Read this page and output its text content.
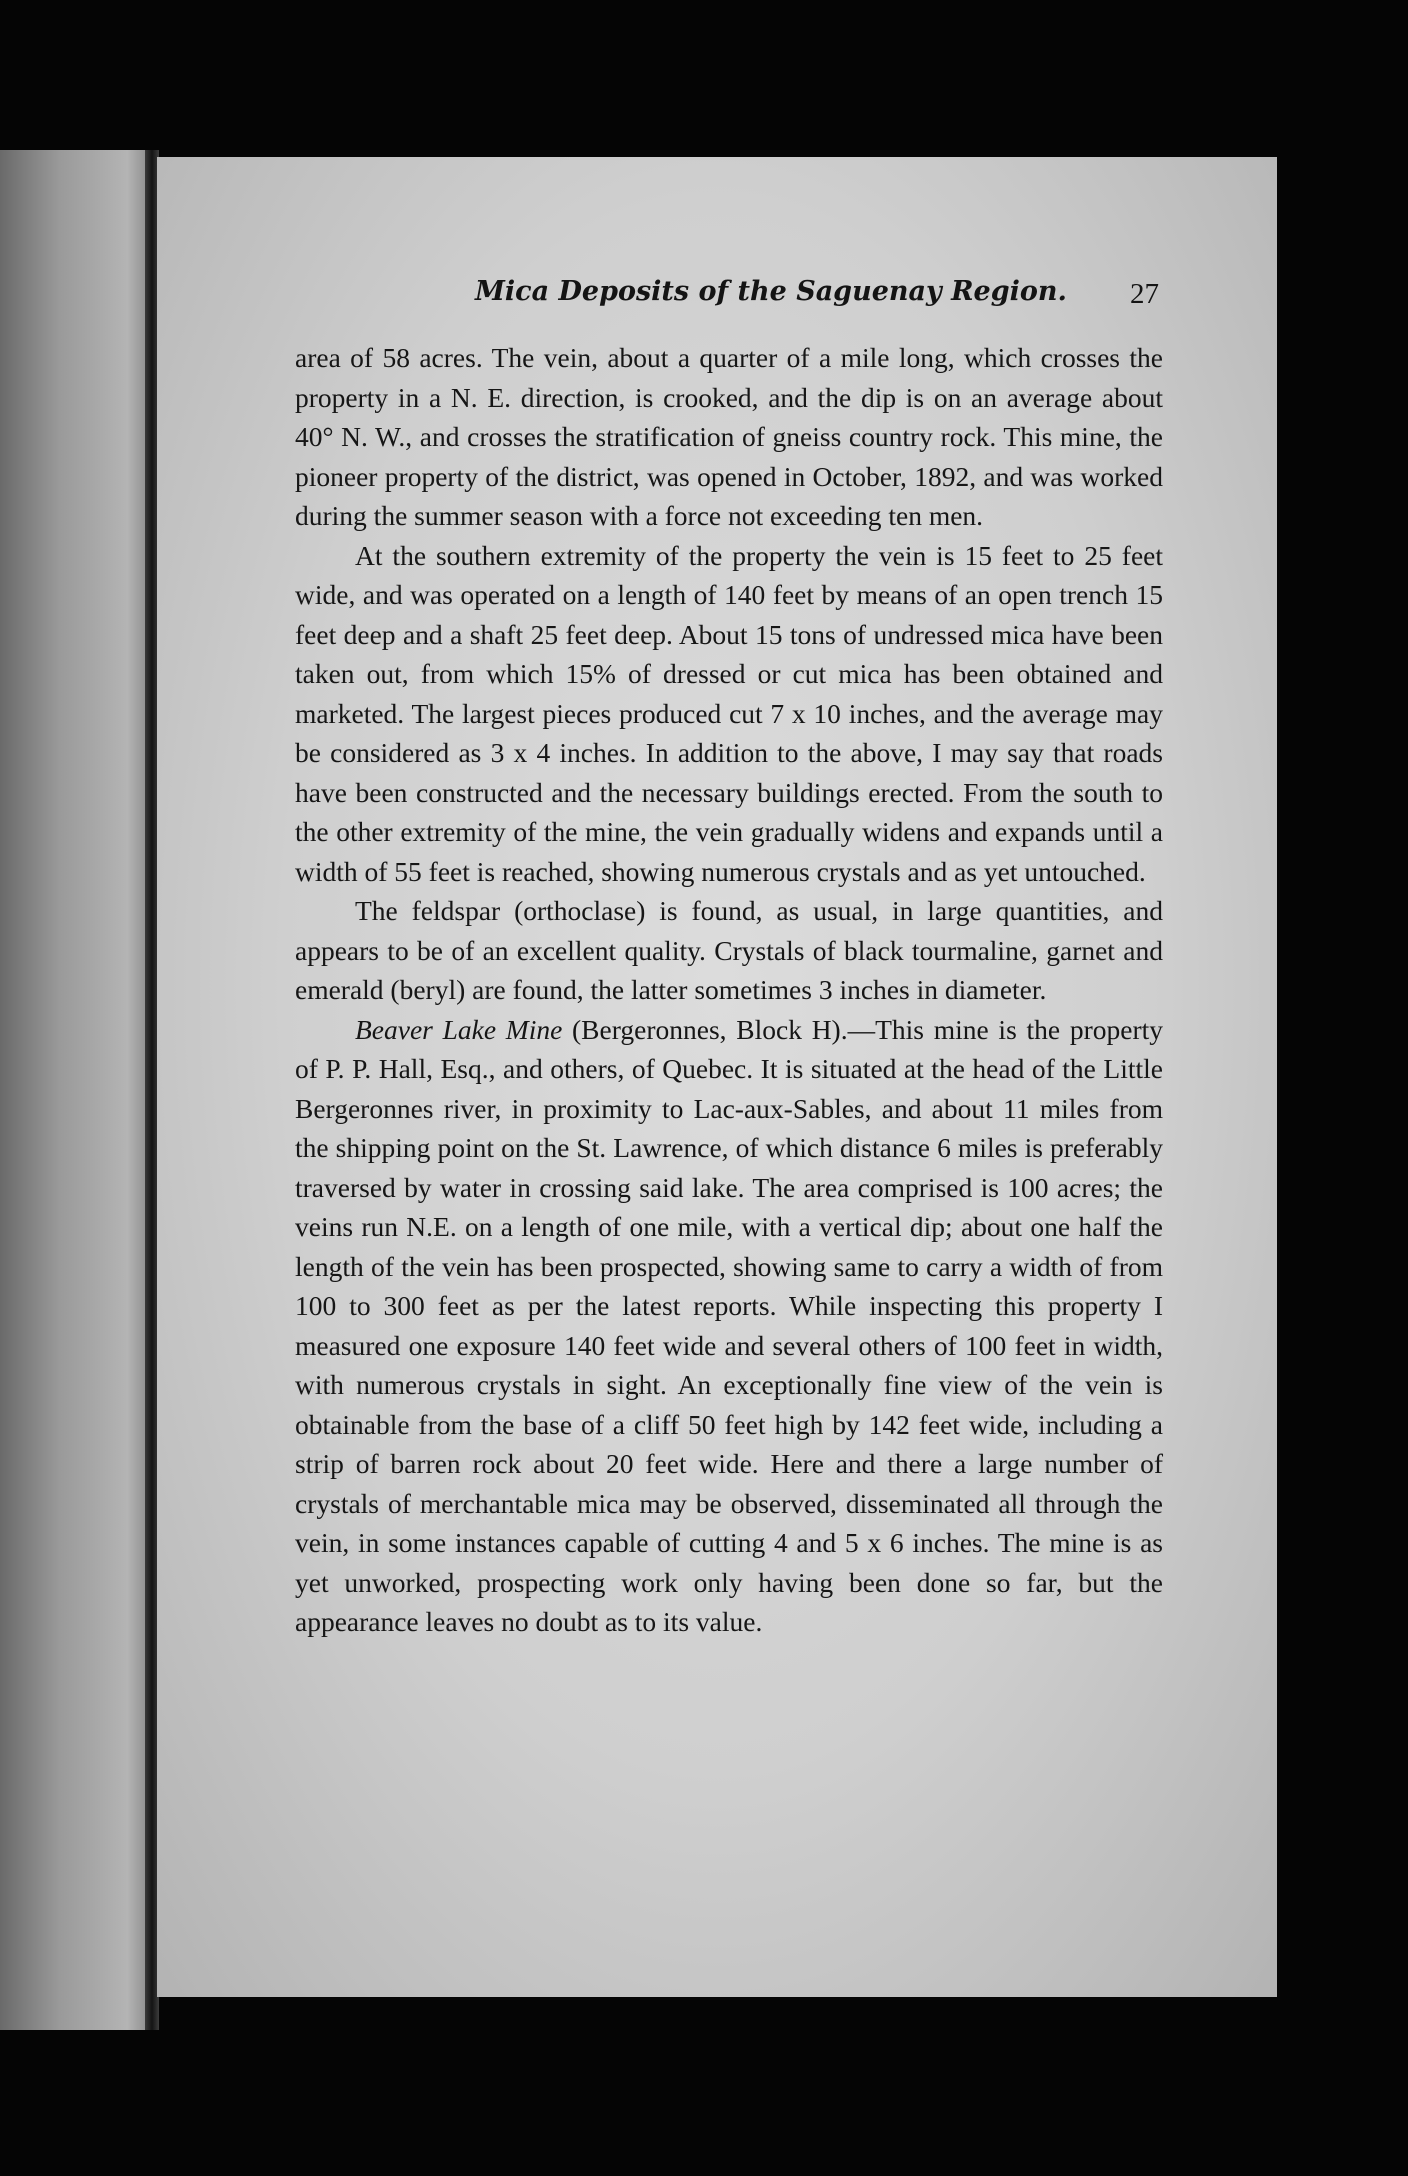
Mica Deposits of the Saguenay Region. 27

area of 58 acres. The vein, about a quarter of a mile long, which crosses the property in a N. E. direction, is crooked, and the dip is on an average about 40° N. W., and crosses the stratification of gneiss country rock. This mine, the pioneer property of the district, was opened in October, 1892, and was worked during the summer season with a force not exceeding ten men.

At the southern extremity of the property the vein is 15 feet to 25 feet wide, and was operated on a length of 140 feet by means of an open trench 15 feet deep and a shaft 25 feet deep. About 15 tons of undressed mica have been taken out, from which 15% of dressed or cut mica has been obtained and marketed. The largest pieces produced cut 7 x 10 inches, and the average may be considered as 3 x 4 inches. In addition to the above, I may say that roads have been constructed and the necessary buildings erected. From the south to the other extremity of the mine, the vein gradually widens and expands until a width of 55 feet is reached, showing numerous crystals and as yet untouched.

The feldspar (orthoclase) is found, as usual, in large quantities, and appears to be of an excellent quality. Crystals of black tourmaline, garnet and emerald (beryl) are found, the latter sometimes 3 inches in diameter.

Beaver Lake Mine (Bergeronnes, Block H).—This mine is the property of P. P. Hall, Esq., and others, of Quebec. It is situated at the head of the Little Bergeronnes river, in proximity to Lac-aux-Sables, and about 11 miles from the shipping point on the St. Lawrence, of which distance 6 miles is preferably traversed by water in crossing said lake. The area comprised is 100 acres; the veins run N.E. on a length of one mile, with a vertical dip; about one half the length of the vein has been prospected, showing same to carry a width of from 100 to 300 feet as per the latest reports. While inspecting this property I measured one exposure 140 feet wide and several others of 100 feet in width, with numerous crystals in sight. An exceptionally fine view of the vein is obtainable from the base of a cliff 50 feet high by 142 feet wide, including a strip of barren rock about 20 feet wide. Here and there a large number of crystals of merchantable mica may be observed, disseminated all through the vein, in some instances capable of cutting 4 and 5 x 6 inches. The mine is as yet unworked, prospecting work only having been done so far, but the appearance leaves no doubt as to its value.
